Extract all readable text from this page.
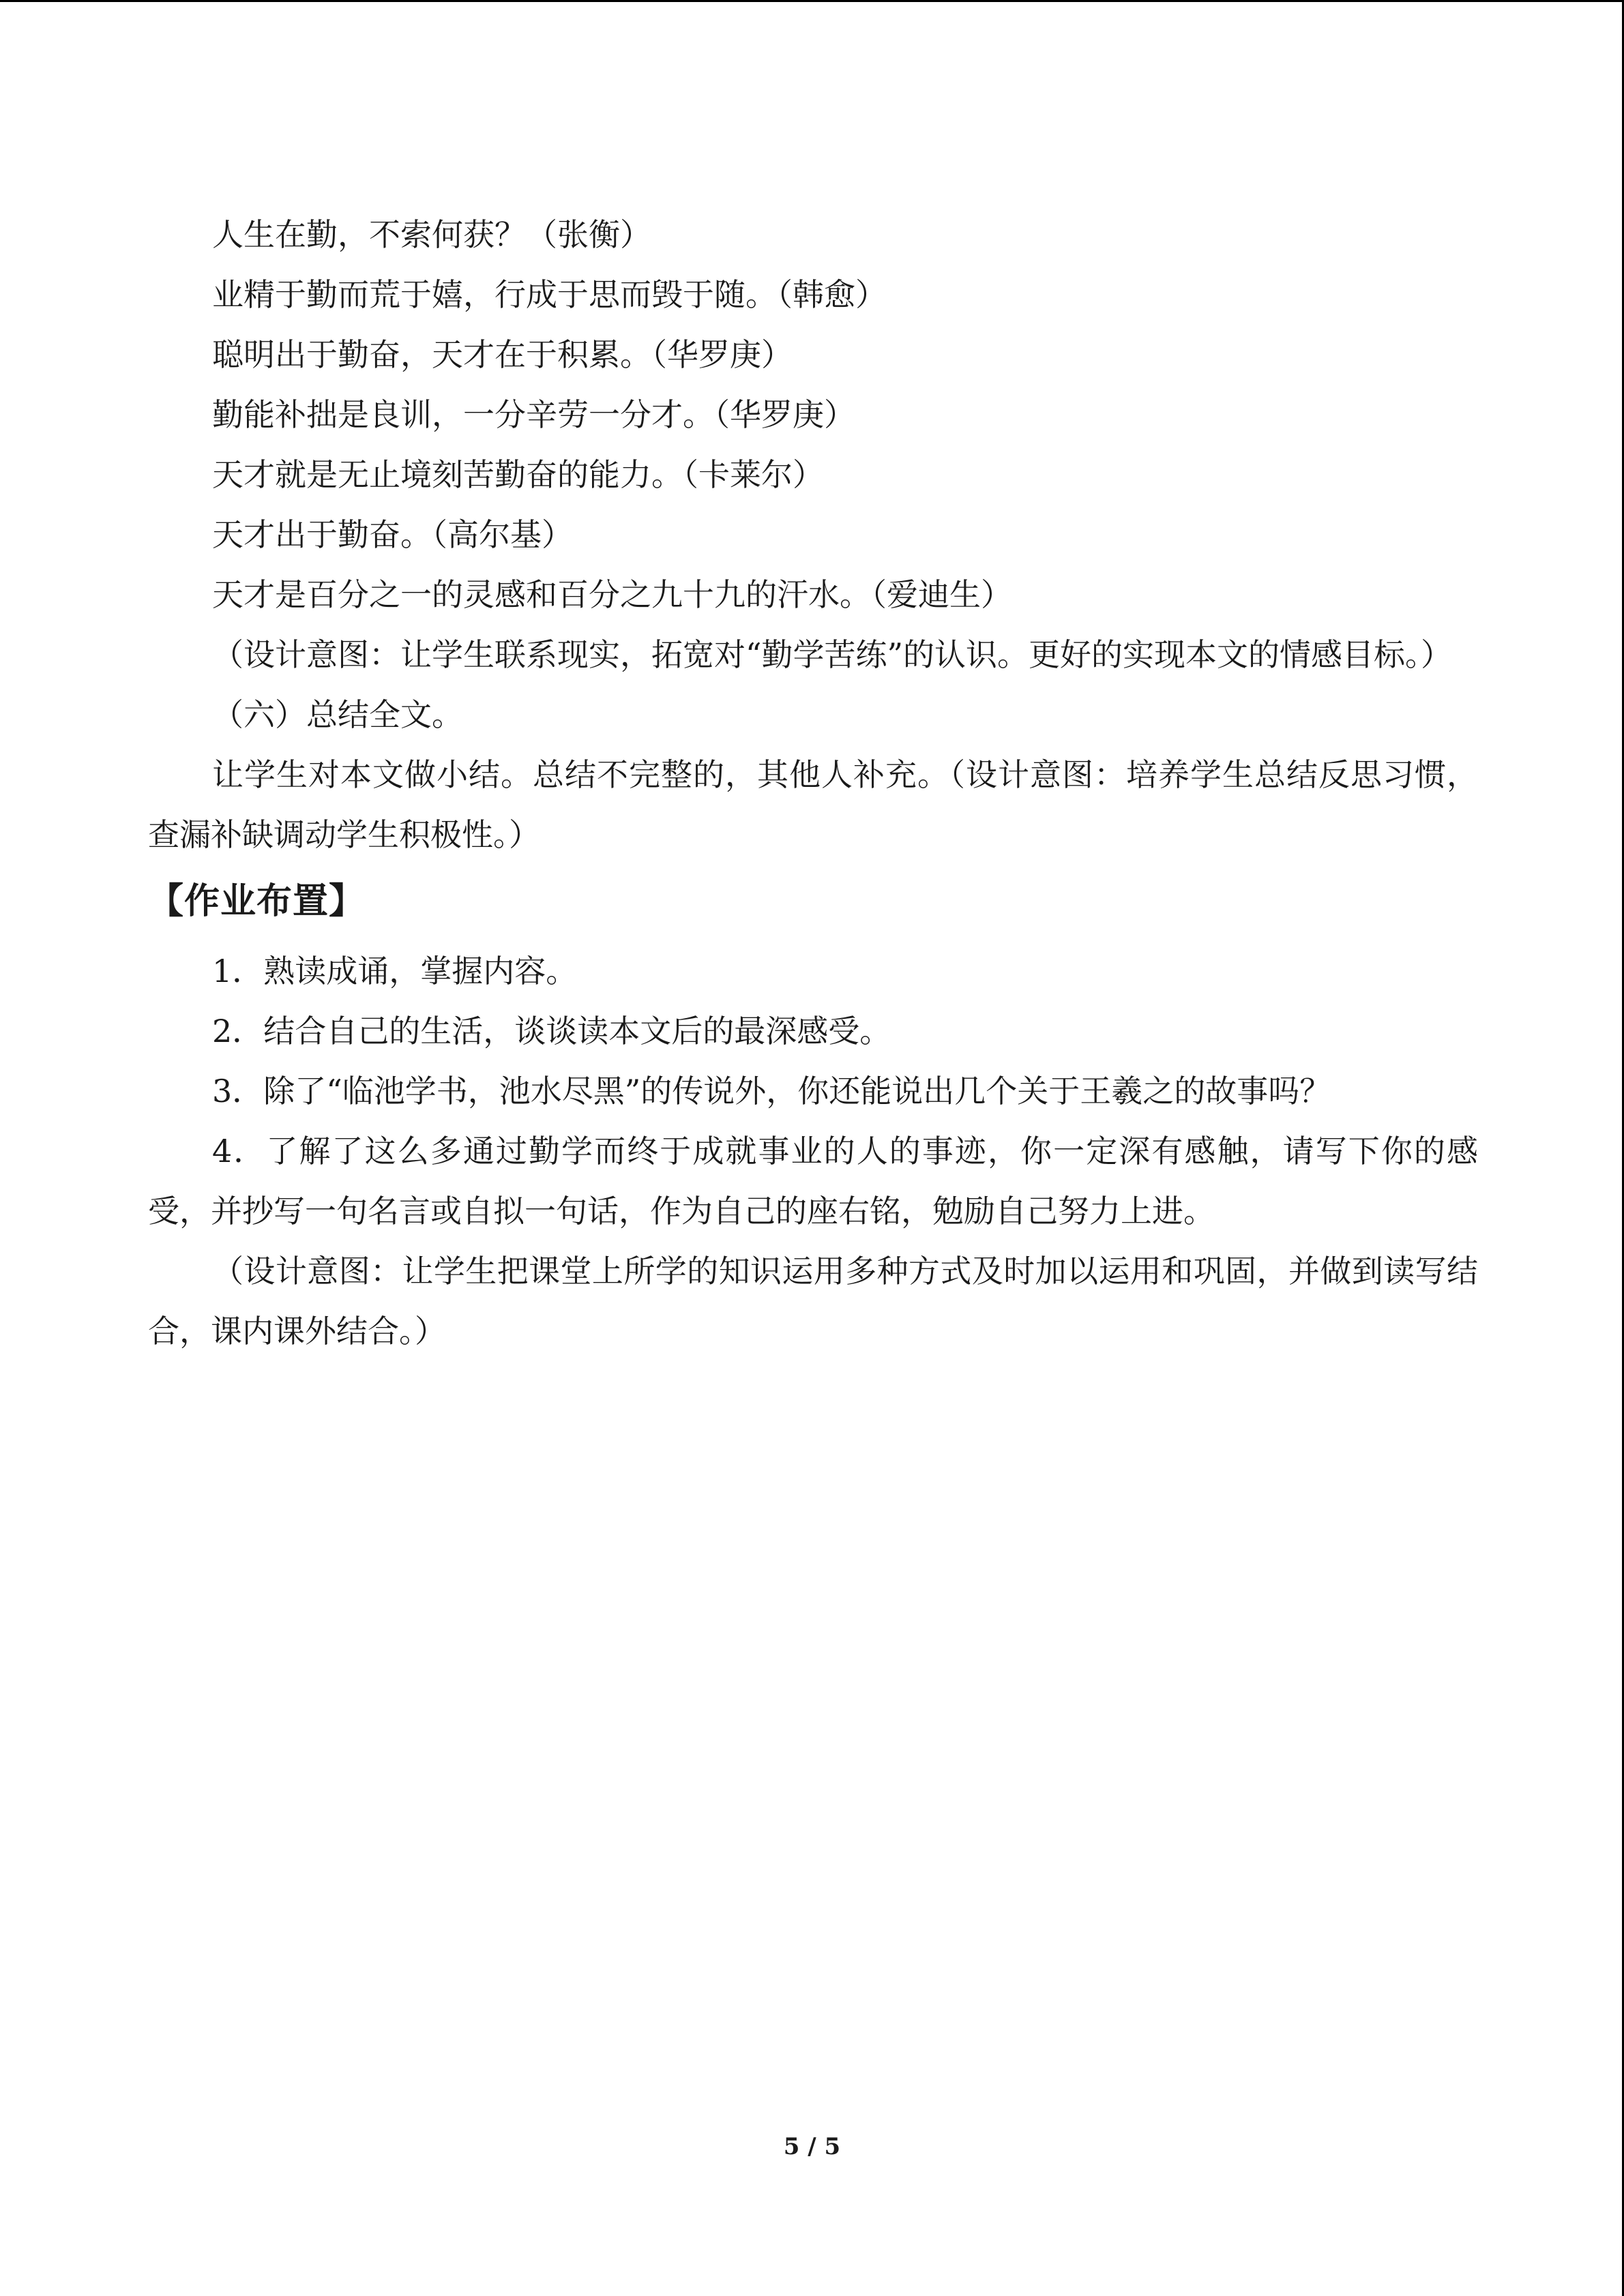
人生在勤，不索何获？（张衡）
业精于勤而荒于嬉，行成于思而毁于随。（韩愈）
聪明出于勤奋，天才在于积累。（华罗庚）
勤能补拙是良训，一分辛劳一分才。（华罗庚）
天才就是无止境刻苦勤奋的能力。（卡莱尔）
天才出于勤奋。（高尔基）
天才是百分之一的灵感和百分之九十九的汗水。（爱迪生）
（设计意图：让学生联系现实，拓宽对“勤学苦练”的认识。更好的实现本文的情感目标。）
（六）总结全文。
让学生对本文做小结。总结不完整的，其他人补充。（设计意图：培养学生总结反思习惯，查漏补缺调动学生积极性。）
【作业布置】
1．熟读成诵，掌握内容。
2．结合自己的生活，谈谈读本文后的最深感受。
3．除了“临池学书，池水尽黑”的传说外，你还能说出几个关于王羲之的故事吗？
4．了解了这么多通过勤学而终于成就事业的人的事迹，你一定深有感触，请写下你的感受，并抄写一句名言或自拟一句话，作为自己的座右铭，勉励自己努力上进。
（设计意图：让学生把课堂上所学的知识运用多种方式及时加以运用和巩固，并做到读写结合，课内课外结合。）
5 / 5
